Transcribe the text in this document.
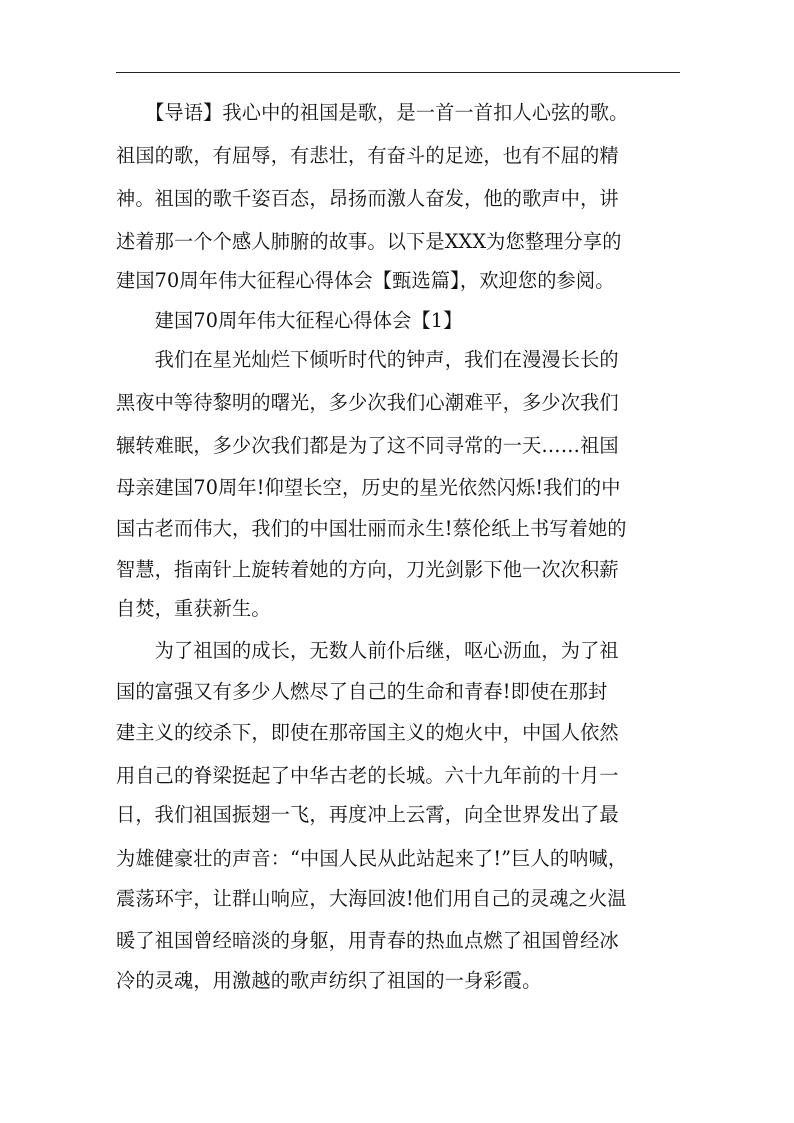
　　【导语】我心中的祖国是歌，是一首一首扣人心弦的歌。
祖国的歌，有屈辱，有悲壮，有奋斗的足迹，也有不屈的精
神。祖国的歌千姿百态，昂扬而激人奋发，他的歌声中，讲
述着那一个个感人肺腑的故事。以下是XXX为您整理分享的
建国70周年伟大征程心得体会【甄选篇】，欢迎您的参阅。
　　建国70周年伟大征程心得体会【1】
　　我们在星光灿烂下倾听时代的钟声，我们在漫漫长长的
黑夜中等待黎明的曙光，多少次我们心潮难平，多少次我们
辗转难眠，多少次我们都是为了这不同寻常的一天……祖国
母亲建国70周年!仰望长空，历史的星光依然闪烁!我们的中
国古老而伟大，我们的中国壮丽而永生!蔡伦纸上书写着她的
智慧，指南针上旋转着她的方向，刀光剑影下他一次次积薪
自焚，重获新生。
　　为了祖国的成长，无数人前仆后继，呕心沥血，为了祖
国的富强又有多少人燃尽了自己的生命和青春!即使在那封
建主义的绞杀下，即使在那帝国主义的炮火中，中国人依然
用自己的脊梁挺起了中华古老的长城。六十九年前的十月一
日，我们祖国振翅一飞，再度冲上云霄，向全世界发出了最
为雄健豪壮的声音：“中国人民从此站起来了!”巨人的呐喊，
震荡环宇，让群山响应，大海回波!他们用自己的灵魂之火温
暖了祖国曾经暗淡的身躯，用青春的热血点燃了祖国曾经冰
冷的灵魂，用激越的歌声纺织了祖国的一身彩霞。
